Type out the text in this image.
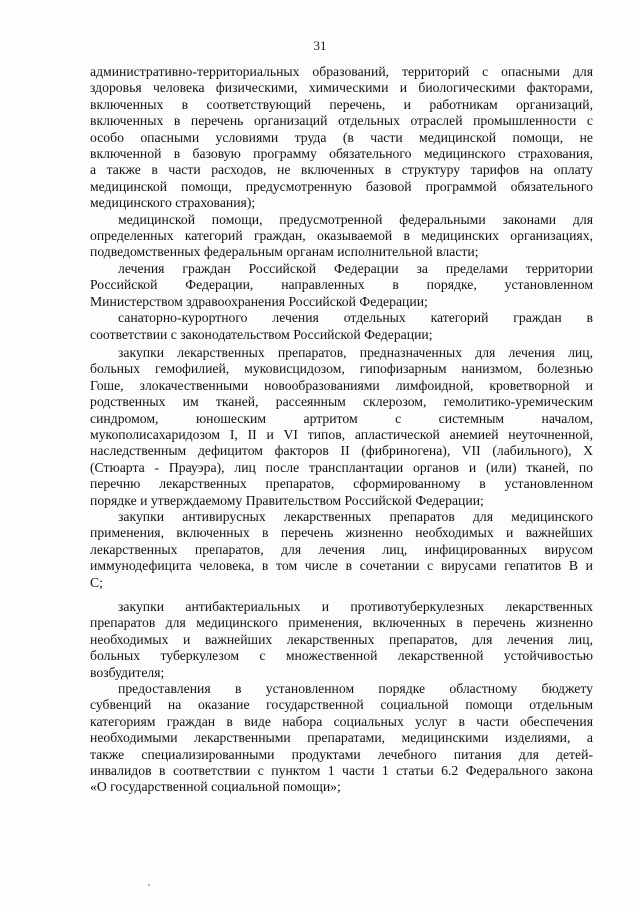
31
административно-территориальных образований, территорий с опасными для
здоровья человека физическими, химическими и биологическими факторами,
включенных в соответствующий перечень, и работникам организаций,
включенных в перечень организаций отдельных отраслей промышленности с
особо опасными условиями труда (в части медицинской помощи, не
включенной в базовую программу обязательного медицинского страхования,
а также в части расходов, не включенных в структуру тарифов на оплату
медицинской помощи, предусмотренную базовой программой обязательного
медицинского страхования);
медицинской помощи, предусмотренной федеральными законами для
определенных категорий граждан, оказываемой в медицинских организациях,
подведомственных федеральным органам исполнительной власти;
лечения граждан Российской Федерации за пределами территории
Российской Федерации, направленных в порядке, установленном
Министерством здравоохранения Российской Федерации;
санаторно-курортного лечения отдельных категорий граждан в
соответствии с законодательством Российской Федерации;
закупки лекарственных препаратов, предназначенных для лечения лиц,
больных гемофилией, муковисцидозом, гипофизарным нанизмом, болезнью
Гоше, злокачественными новообразованиями лимфоидной, кроветворной и
родственных им тканей, рассеянным склерозом, гемолитико-уремическим
синдромом, юношеским артритом с системным началом,
мукополисахаридозом I, II и VI типов, апластической анемией неуточненной,
наследственным дефицитом факторов II (фибриногена), VII (лабильного), X
(Стюарта - Прауэра), лиц после трансплантации органов и (или) тканей, по
перечню лекарственных препаратов, сформированному в установленном
порядке и утверждаемому Правительством Российской Федерации;
закупки антивирусных лекарственных препаратов для медицинского
применения, включенных в перечень жизненно необходимых и важнейших
лекарственных препаратов, для лечения лиц, инфицированных вирусом
иммунодефицита человека, в том числе в сочетании с вирусами гепатитов B и
C;
закупки антибактериальных и противотуберкулезных лекарственных
препаратов для медицинского применения, включенных в перечень жизненно
необходимых и важнейших лекарственных препаратов, для лечения лиц,
больных туберкулезом с множественной лекарственной устойчивостью
возбудителя;
предоставления в установленном порядке областному бюджету
субвенций на оказание государственной социальной помощи отдельным
категориям граждан в виде набора социальных услуг в части обеспечения
необходимыми лекарственными препаратами, медицинскими изделиями, а
также специализированными продуктами лечебного питания для детей-
инвалидов в соответствии с пунктом 1 части 1 статьи 6.2 Федерального закона
«О государственной социальной помощи»;
